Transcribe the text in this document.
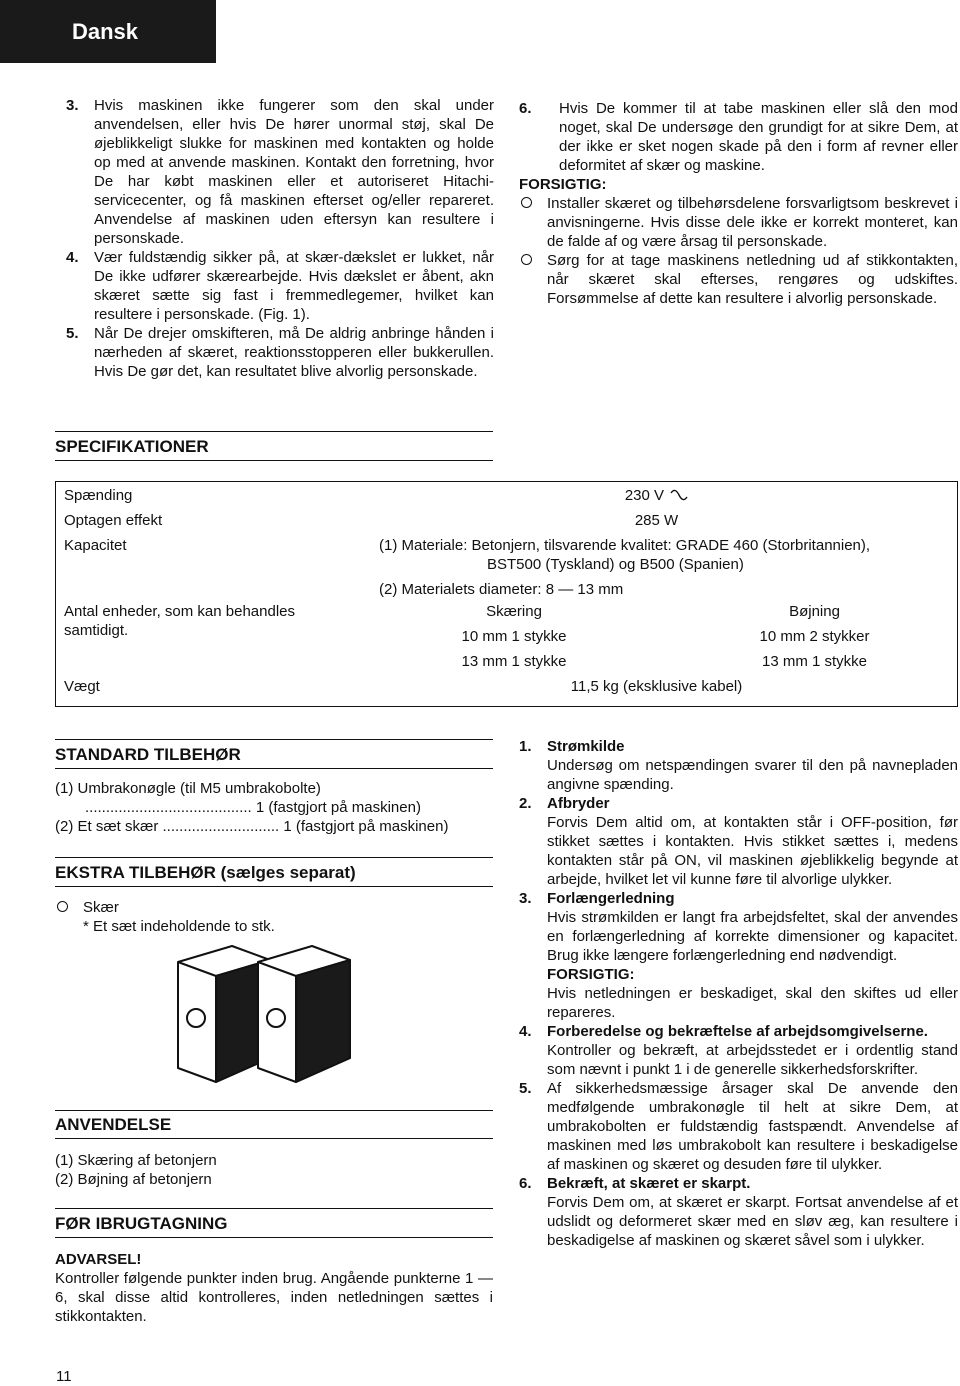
Dansk
3. Hvis maskinen ikke fungerer som den skal under anvendelsen, eller hvis De hører unormal støj, skal De øjeblikkeligt slukke for maskinen med kontakten og holde op med at anvende maskinen. Kontakt den forretning, hvor De har købt maskinen eller et autoriseret Hitachi-servicecenter, og få maskinen efterset og/eller repareret. Anvendelse af maskinen uden eftersyn kan resultere i personskade.
4. Vær fuldstændig sikker på, at skær-dækslet er lukket, når De ikke udfører skærearbejde. Hvis dækslet er åbent, akn skæret sætte sig fast i fremmedlegemer, hvilket kan resultere i personskade. (Fig. 1).
5. Når De drejer omskifteren, må De aldrig anbringe hånden i nærheden af skæret, reaktionsstopperen eller bukkerullen. Hvis De gør det, kan resultatet blive alvorlig personskade.
6. Hvis De kommer til at tabe maskinen eller slå den mod noget, skal De undersøge den grundigt for at sikre Dem, at der ikke er sket nogen skade på den i form af revner eller deformitet af skær og maskine.
FORSIGTIG:
Installer skæret og tilbehørsdelene forsvarligtsom beskrevet i anvisningerne. Hvis disse dele ikke er korrekt monteret, kan de falde af og være årsag til personskade.
Sørg for at tage maskinens netledning ud af stikkontakten, når skæret skal efterses, rengøres og udskiftes. Forsømmelse af dette kan resultere i alvorlig personskade.
SPECIFIKATIONER
Spænding	230 V	
Optagen effekt	285 W	
Kapacitet	(1) Materiale: Betonjern, tilsvarende kvalitet: GRADE 460 (Storbritannien),
BST500 (Tyskland) og B500 (Spanien)
(2) Materialets diameter: 8 — 13 mm	

Antal enheder, som kan behandles samtidigt.	Skæring	Bøjning
	10 mm 1 stykke	10 mm 2 stykker
	13 mm 1 stykke	13 mm 1 stykke
Vægt	11,5 kg (eksklusive kabel)	
STANDARD TILBEHØR
(1) Umbrakonøgle (til M5 umbrakobolte)
........................................ 1 (fastgjort på maskinen)
(2) Et sæt skær ............................ 1 (fastgjort på maskinen)
EKSTRA TILBEHØR (sælges separat)
Skær
* Et sæt indeholdende to stk.
ANVENDELSE
(1) Skæring af betonjern
(2) Bøjning af betonjern
FØR IBRUGTAGNING
ADVARSEL!
Kontroller følgende punkter inden brug. Angående punkterne 1 — 6, skal disse altid kontrolleres, inden netledningen sættes i stikkontakten.
1. Strømkilde
Undersøg om netspændingen svarer til den på navnepladen angivne spænding.
2. Afbryder
Forvis Dem altid om, at kontakten står i OFF-position, før stikket sættes i kontakten. Hvis stikket sættes i, medens kontakten står på ON, vil maskinen øjeblikkelig begynde at arbejde, hvilket let vil kunne føre til alvorlige ulykker.
3. Forlængerledning
Hvis strømkilden er langt fra arbejdsfeltet, skal der anvendes en forlængerledning af korrekte dimensioner og kapacitet. Brug ikke længere forlængerledning end nødvendigt.
FORSIGTIG:
Hvis netledningen er beskadiget, skal den skiftes ud eller repareres.
4. Forberedelse og bekræftelse af arbejdsomgivelserne.
Kontroller og bekræft, at arbejdsstedet er i ordentlig stand som nævnt i punkt 1 i de generelle sikkerhedsforskrifter.
5. Af sikkerhedsmæssige årsager skal De anvende den medfølgende umbrakonøgle til helt at sikre Dem, at umbrakobolten er fuldstændig fastspændt. Anvendelse af maskinen med løs umbrakobolt kan resultere i beskadigelse af maskinen og skæret og desuden føre til ulykker.
6. Bekræft, at skæret er skarpt.
Forvis Dem om, at skæret er skarpt. Fortsat anvendelse af et udslidt og deformeret skær med en sløv æg, kan resultere i beskadigelse af maskinen og skæret såvel som i ulykker.
11
